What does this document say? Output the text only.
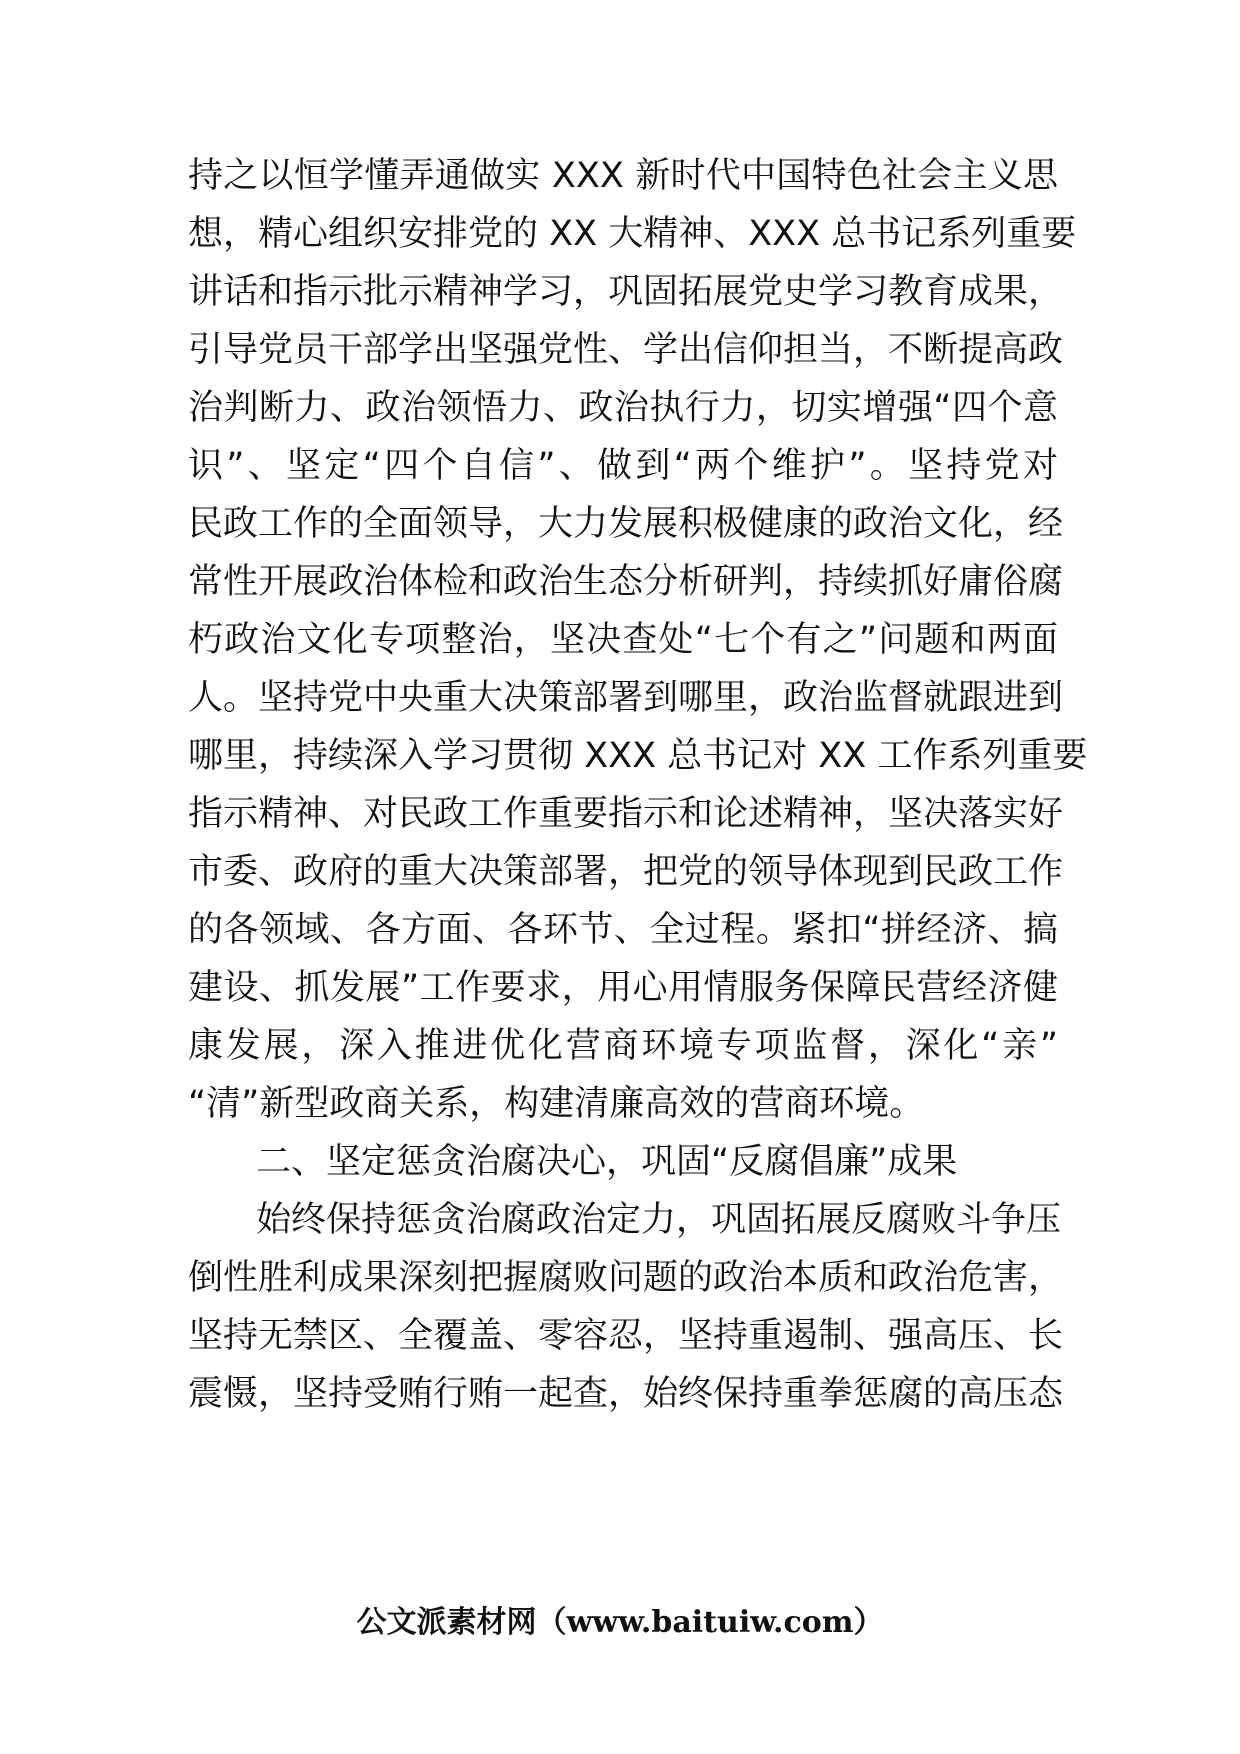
持之以恒学懂弄通做实 XXX 新时代中国特色社会主义思
想，精心组织安排党的 XX 大精神、XXX 总书记系列重要
讲话和指示批示精神学习，巩固拓展党史学习教育成果，
引导党员干部学出坚强党性、学出信仰担当，不断提高政
治判断力、政治领悟力、政治执行力，切实增强“四个意
识”、坚定“四个自信”、做到“两个维护”。坚持党对
民政工作的全面领导，大力发展积极健康的政治文化，经
常性开展政治体检和政治生态分析研判，持续抓好庸俗腐
朽政治文化专项整治，坚决查处“七个有之”问题和两面
人。坚持党中央重大决策部署到哪里，政治监督就跟进到
哪里，持续深入学习贯彻 XXX 总书记对 XX 工作系列重要
指示精神、对民政工作重要指示和论述精神，坚决落实好
市委、政府的重大决策部署，把党的领导体现到民政工作
的各领域、各方面、各环节、全过程。紧扣“拼经济、搞
建设、抓发展”工作要求，用心用情服务保障民营经济健
康发展，深入推进优化营商环境专项监督，深化“亲”
“清”新型政商关系，构建清廉高效的营商环境。
二、坚定惩贪治腐决心，巩固“反腐倡廉”成果
始终保持惩贪治腐政治定力，巩固拓展反腐败斗争压
倒性胜利成果深刻把握腐败问题的政治本质和政治危害，
坚持无禁区、全覆盖、零容忍，坚持重遏制、强高压、长
震慑，坚持受贿行贿一起查，始终保持重拳惩腐的高压态
公文派素材网（www.baituiw.com）
